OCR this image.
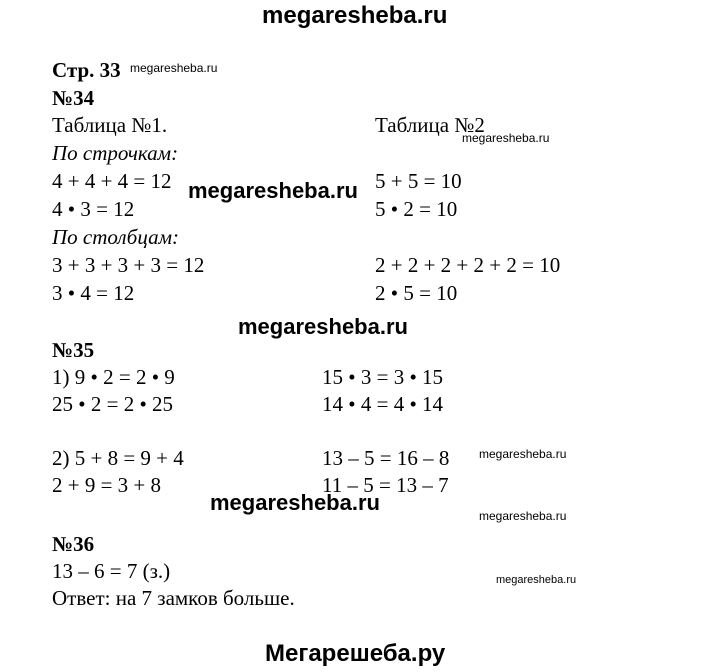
megaresheba.ru
Мегарешеба.ру
Стр. 33 megaresheba.ru
№34
Таблица №1.	Таблица №2
megaresheba.ru
По строчкам:
4 + 4 + 4 = 12 megaresheba.ru 5 + 5 = 10
4 • 3 = 12	5 • 2 = 10
По столбцам:
3 + 3 + 3 + 3 = 12	2 + 2 + 2 + 2 + 2 = 10
3 • 4 = 12	2 • 5 = 10
megaresheba.ru
№35
1) 9 • 2 = 2 • 9	15 • 3 = 3 • 15
25 • 2 = 2 • 25	14 • 4 = 4 • 14
2) 5 + 8 = 9 + 4	13 – 5 = 16 – 8 megaresheba.ru
2 + 9 = 3 + 8	11 – 5 = 13 – 7
megaresheba.ru
megaresheba.ru
№36
13 – 6 = 7 (з.)	megaresheba.ru
Ответ: на 7 замков больше.
